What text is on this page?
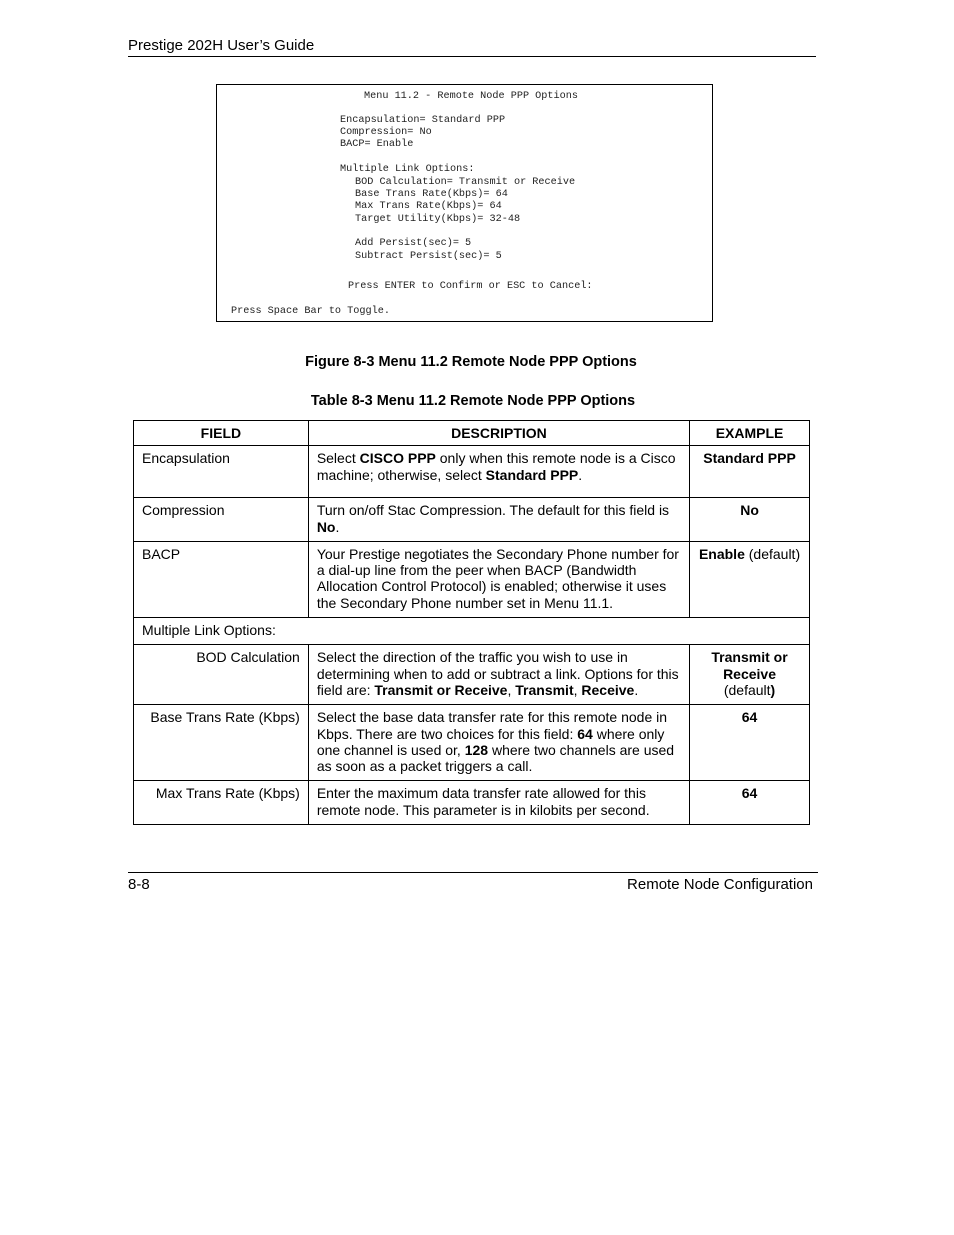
Prestige 202H User’s Guide
Menu 11.2 - Remote Node PPP Options
Encapsulation= Standard PPP
Compression= No
BACP= Enable
Multiple Link Options:
BOD Calculation= Transmit or Receive
Base Trans Rate(Kbps)= 64
Max Trans Rate(Kbps)= 64
Target Utility(Kbps)= 32-48
Add Persist(sec)= 5
Subtract Persist(sec)= 5
Press ENTER to Confirm or ESC to Cancel:
Press Space Bar to Toggle.
Figure 8-3 Menu 11.2 Remote Node PPP Options
Table 8-3 Menu 11.2 Remote Node PPP Options
FIELD	DESCRIPTION	EXAMPLE
Encapsulation	Select CISCO PPP only when this remote node is a Cisco machine; otherwise, select Standard PPP.	Standard PPP
Compression	Turn on/off Stac Compression. The default for this field is No.	No
BACP	Your Prestige negotiates the Secondary Phone number for a dial-up line from the peer when BACP (Bandwidth Allocation Control Protocol) is enabled; otherwise it uses the Secondary Phone number set in Menu 11.1.	Enable (default)
Multiple Link Options:		
BOD Calculation	Select the direction of the traffic you wish to use in determining when to add or subtract a link. Options for this field are: Transmit or Receive, Transmit, Receive.	Transmit or Receive
(default)
Base Trans Rate (Kbps)	Select the base data transfer rate for this remote node in Kbps. There are two choices for this field: 64 where only one channel is used or, 128 where two channels are used as soon as a packet triggers a call.	64
Max Trans Rate (Kbps)	Enter the maximum data transfer rate allowed for this remote node. This parameter is in kilobits per second.	64
8-8	Remote Node Configuration
